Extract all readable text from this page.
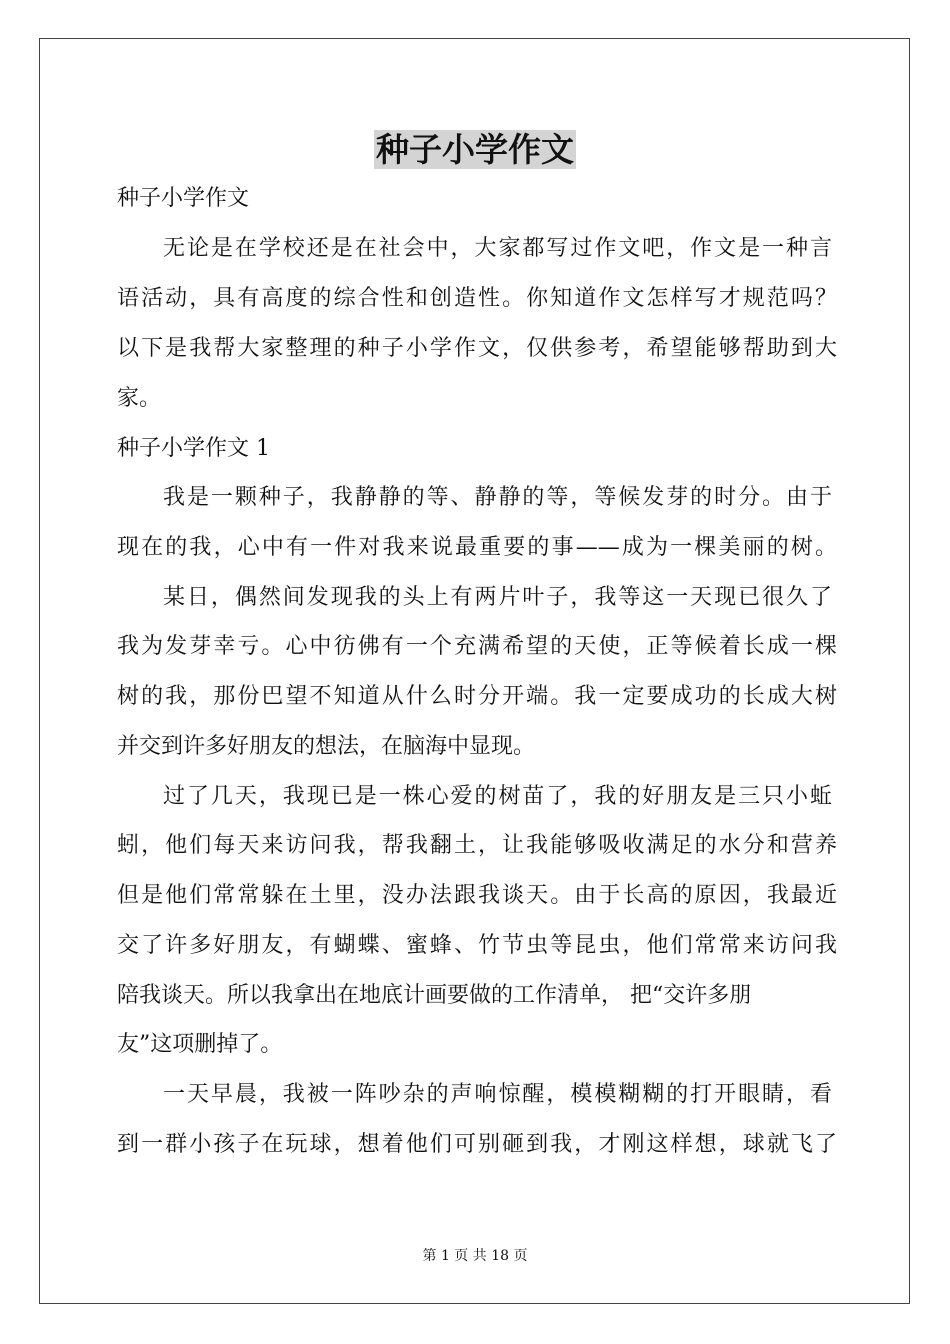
种子小学作文

种子小学作文

无论是在学校还是在社会中，大家都写过作文吧，作文是一种言

语活动，具有高度的综合性和创造性。你知道作文怎样写才规范吗？

以下是我帮大家整理的种子小学作文，仅供参考，希望能够帮助到大

家。

种子小学作文 1

我是一颗种子，我静静的等、静静的等，等候发芽的时分。由于

现在的我，心中有一件对我来说最重要的事——成为一棵美丽的树。

某日，偶然间发现我的头上有两片叶子，我等这一天现已很久了

我为发芽幸亏。心中彷佛有一个充满希望的天使，正等候着长成一棵

树的我，那份巴望不知道从什么时分开端。我一定要成功的长成大树

并交到许多好朋友的想法，在脑海中显现。

过了几天，我现已是一株心爱的树苗了，我的好朋友是三只小蚯

蚓，他们每天来访问我，帮我翻土，让我能够吸收满足的水分和营养

但是他们常常躲在土里，没办法跟我谈天。由于长高的原因，我最近

交了许多好朋友，有蝴蝶、蜜蜂、竹节虫等昆虫，他们常常来访问我

陪我谈天。所以我拿出在地底计画要做的工作清单， 把“交许多朋

友”这项删掉了。

一天早晨，我被一阵吵杂的声响惊醒，模模糊糊的打开眼睛，看

到一群小孩子在玩球，想着他们可别砸到我，才刚这样想，球就飞了

第 1 页 共 18 页
